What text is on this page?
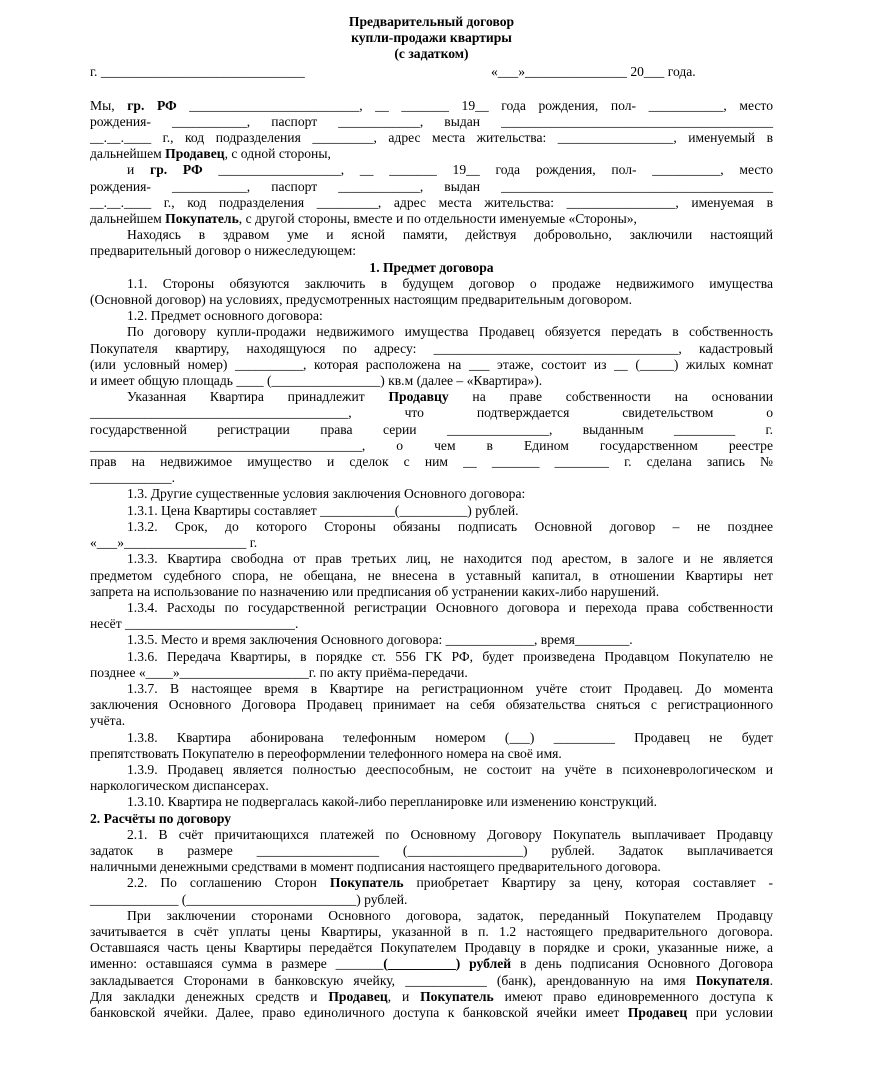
Предварительный договор
купли-продажи квартиры
(с задатком)
г. ______________________________	«___»_______________ 20___ года.

Мы, гр. РФ _________________________, __ _______ 19__ года рождения, пол- ___________, место

рождения- ___________, паспорт ____________, выдан ________________________________________

__.__.____ г., код подразделения _________, адрес места жительства: _________________, именуемый в

дальнейшем Продавец, с одной стороны,

и гр. РФ __________________, __ _______ 19__ года рождения, пол- __________, место

рождения- ___________, паспорт ____________, выдан ________________________________________

__.__.____ г., код подразделения _________, адрес места жительства: ________________, именуемая в

дальнейшем Покупатель, с другой стороны, вместе и по отдельности именуемые «Стороны»,

Находясь в здравом уме и ясной памяти, действуя добровольно, заключили настоящий

предварительный договор о нижеследующем:

1. Предмет договора

1.1. Стороны обязуются заключить в будущем договор о продаже недвижимого имущества

(Основной договор) на условиях, предусмотренных настоящим предварительным договором.

1.2. Предмет основного договора:

По договору купли-продажи недвижимого имущества Продавец обязуется передать в собственность

Покупателя квартиру, находящуюся по адресу: ____________________________________, кадастровый

(или условный номер) __________, которая расположена на ___ этаже, состоит из __ (_____) жилых комнат

и имеет общую площадь ____ (________________) кв.м (далее – «Квартира»).

Указанная Квартира принадлежит Продавцу на праве собственности на основании

______________________________________, что подтверждается свидетельством о

государственной регистрации права серии _______________, выданным _________ г.

________________________________________, о чем в Едином государственном реестре

прав на недвижимое имущество и сделок с ним __ _______ ________ г. сделана запись №

____________.

1.3. Другие существенные условия заключения Основного договора:

1.3.1. Цена Квартиры составляет ___________(__________) рублей.

1.3.2. Срок, до которого Стороны обязаны подписать Основной договор – не позднее

«___»__________________ г.

1.3.3. Квартира свободна от прав третьих лиц, не находится под арестом, в залоге и не является

предметом судебного спора, не обещана, не внесена в уставный капитал, в отношении Квартиры нет

запрета на использование по назначению или предписания об устранении каких-либо нарушений.

1.3.4. Расходы по государственной регистрации Основного договора и перехода права собственности

несёт _________________________.

1.3.5. Место и время заключения Основного договора: _____________, время________.

1.3.6. Передача Квартиры, в порядке ст. 556 ГК РФ, будет произведена Продавцом Покупателю не

позднее «____»___________________г. по акту приёма-передачи.

1.3.7. В настоящее время в Квартире на регистрационном учёте стоит Продавец. До момента

заключения Основного Договора Продавец принимает на себя обязательства сняться с регистрационного

учёта.

1.3.8. Квартира абонирована телефонным номером (___) _________ Продавец не будет

препятствовать Покупателю в переоформлении телефонного номера на своё имя.

1.3.9. Продавец является полностью дееспособным, не состоит на учёте в психоневрологическом и

наркологическом диспансерах.

1.3.10. Квартира не подвергалась какой-либо перепланировке или изменению конструкций.

2. Расчёты по договору

2.1. В счёт причитающихся платежей по Основному Договору Покупатель выплачивает Продавцу

задаток в размере __________________ (_________________) рублей. Задаток выплачивается

наличными денежными средствами в момент подписания настоящего предварительного договора.

2.2. По соглашению Сторон Покупатель приобретает Квартиру за цену, которая составляет -

_____________ (_________________________) рублей.

При заключении сторонами Основного договора, задаток, переданный Покупателем Продавцу

зачитывается в счёт уплаты цены Квартиры, указанной в п. 1.2 настоящего предварительного договора.

Оставшаяся часть цены Квартиры передаётся Покупателем Продавцу в порядке и сроки, указанные ниже, а

именно: оставшаяся сумма в размере _______(__________) рублей в день подписания Основного Договора

закладывается Сторонами в банковскую ячейку, ____________ (банк), арендованную на имя Покупателя.

Для закладки денежных средств и Продавец, и Покупатель имеют право единовременного доступа к

банковской ячейки. Далее, право единоличного доступа к банковской ячейки имеет Продавец при условии
